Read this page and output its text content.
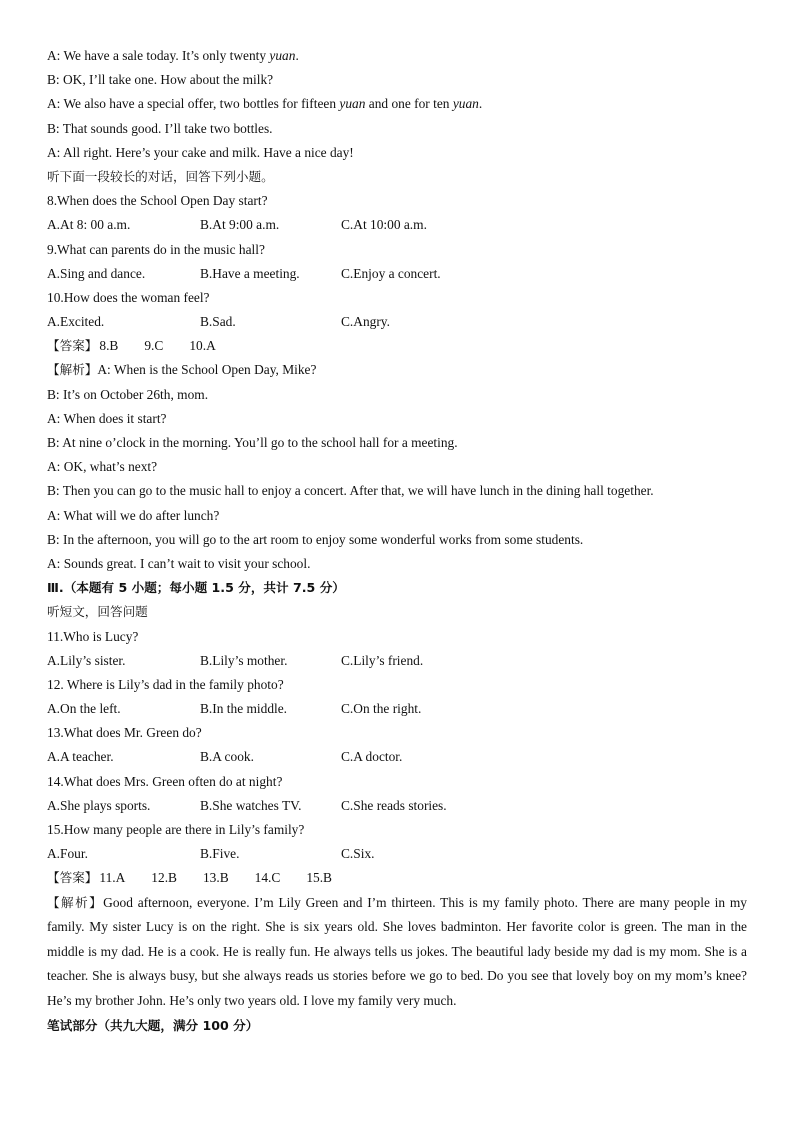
A: We have a sale today. It’s only twenty yuan.
B: OK, I’ll take one. How about the milk?
A: We also have a special offer, two bottles for fifteen yuan and one for ten yuan.
B: That sounds good. I’ll take two bottles.
A: All right. Here’s your cake and milk. Have a nice day!
听下面一段较长的对话，回答下列小题。
8.When does the School Open Day start?
A.At 8: 00 a.m.	B.At 9:00 a.m.	C.At 10:00 a.m.
9.What can parents do in the music hall?
A.Sing and dance.	B.Have a meeting.	C.Enjoy a concert.
10.How does the woman feel?
A.Excited.	B.Sad.	C.Angry.
【答案】 8.B 9.C 10.A
【解析】A: When is the School Open Day, Mike?
B: It’s on October 26th, mom.
A: When does it start?
B: At nine o’clock in the morning. You’ll go to the school hall for a meeting.
A: OK, what’s next?
B: Then you can go to the music hall to enjoy a concert. After that, we will have lunch in the dining hall together.
A: What will we do after lunch?
B: In the afternoon, you will go to the art room to enjoy some wonderful works from some students.
A: Sounds great. I can’t wait to visit your school.
Ⅲ.（本题有 5 小题；每小题 1.5 分，共计 7.5 分）
听短文，回答问题
11.Who is Lucy?
A.Lily’s sister.	B.Lily’s mother.	C.Lily’s friend.
12. Where is Lily’s dad in the family photo?
A.On the left.	B.In the middle.	C.On the right.
13.What does Mr. Green do?
A.A teacher.	B.A cook.	C.A doctor.
14.What does Mrs. Green often do at night?
A.She plays sports.	B.She watches TV.	C.She reads stories.
15.How many people are there in Lily’s family?
A.Four.	B.Five.	C.Six.
【答案】 11.A 12.B 13.B 14.C 15.B
【解析】Good afternoon, everyone. I’m Lily Green and I’m thirteen. This is my family photo. There are many people in my family. My sister Lucy is on the right. She is six years old. She loves badminton. Her favorite color is green. The man in the middle is my dad. He is a cook. He is really fun. He always tells us jokes. The beautiful lady beside my dad is my mom. She is a teacher. She is always busy, but she always reads us stories before we go to bed. Do you see that lovely boy on my mom’s knee? He’s my brother John. He’s only two years old. I love my family very much.
笔试部分（共九大题，满分 100 分）
